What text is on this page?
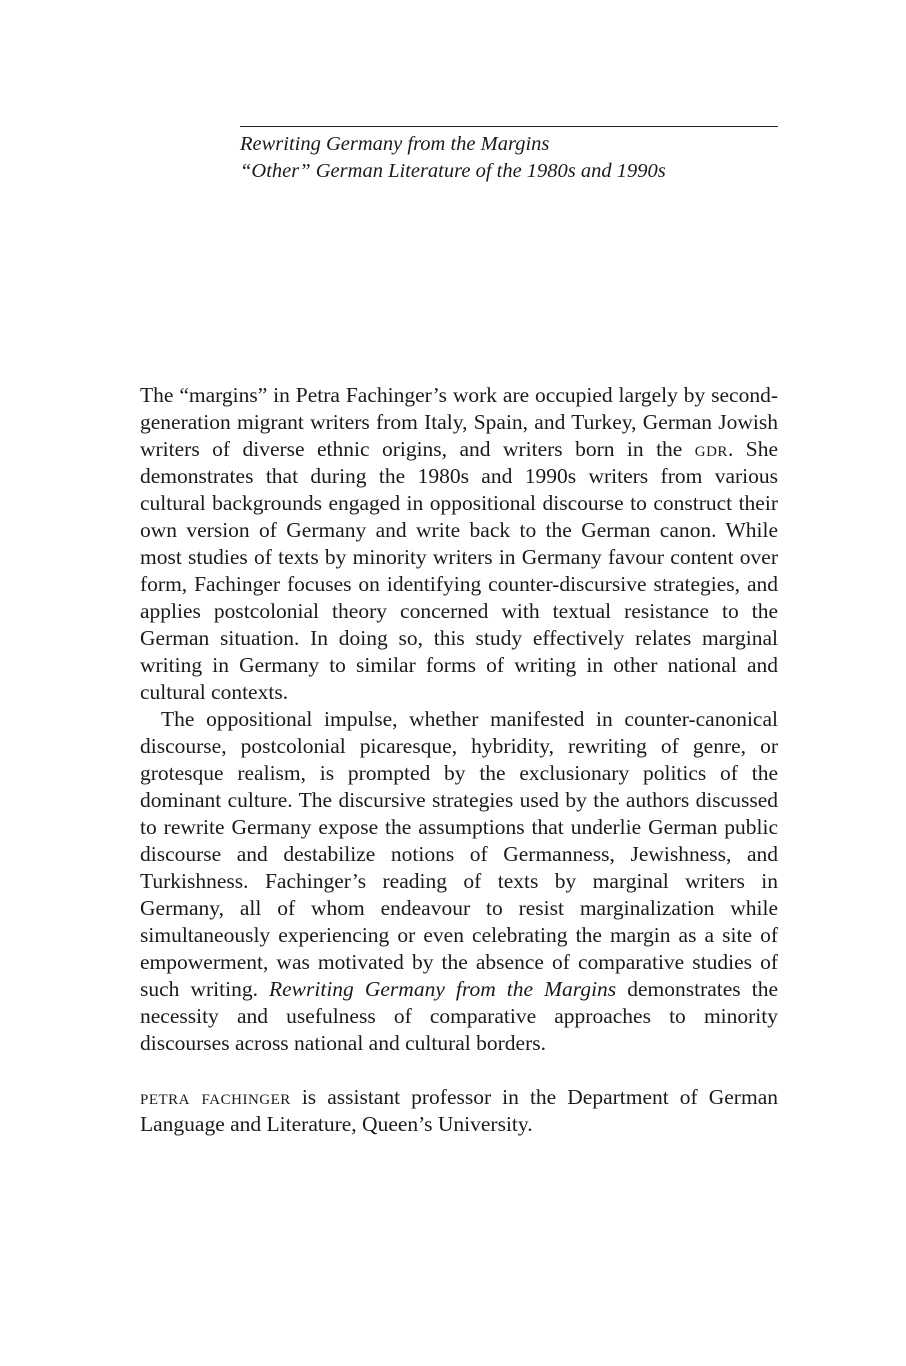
Rewriting Germany from the Margins
“Other” German Literature of the 1980s and 1990s

The “margins” in Petra Fachinger’s work are occupied largely by second-generation migrant writers from Italy, Spain, and Turkey, German Jowish writers of diverse ethnic origins, and writers born in the gdr. She demonstrates that during the 1980s and 1990s writers from various cultural backgrounds engaged in oppositional discourse to construct their own version of Germany and write back to the German canon. While most studies of texts by minority writers in Germany favour content over form, Fachinger focuses on identifying counter-discursive strategies, and applies postcolonial theory concerned with textual resistance to the German situation. In doing so, this study effectively relates marginal writing in Germany to similar forms of writing in other national and cultural contexts.

The oppositional impulse, whether manifested in counter-canonical discourse, postcolonial picaresque, hybridity, rewriting of genre, or grotesque realism, is prompted by the exclusionary politics of the dominant culture. The discursive strategies used by the authors discussed to rewrite Germany expose the assumptions that underlie German public discourse and destabilize notions of Germanness, Jewishness, and Turkishness. Fachinger’s reading of texts by marginal writers in Germany, all of whom endeavour to resist marginalization while simultaneously experiencing or even celebrating the margin as a site of empowerment, was motivated by the absence of comparative studies of such writing. Rewriting Germany from the Margins demonstrates the necessity and usefulness of comparative approaches to minority discourses across national and cultural borders.

petra fachinger is assistant professor in the Department of German Language and Literature, Queen’s University.
